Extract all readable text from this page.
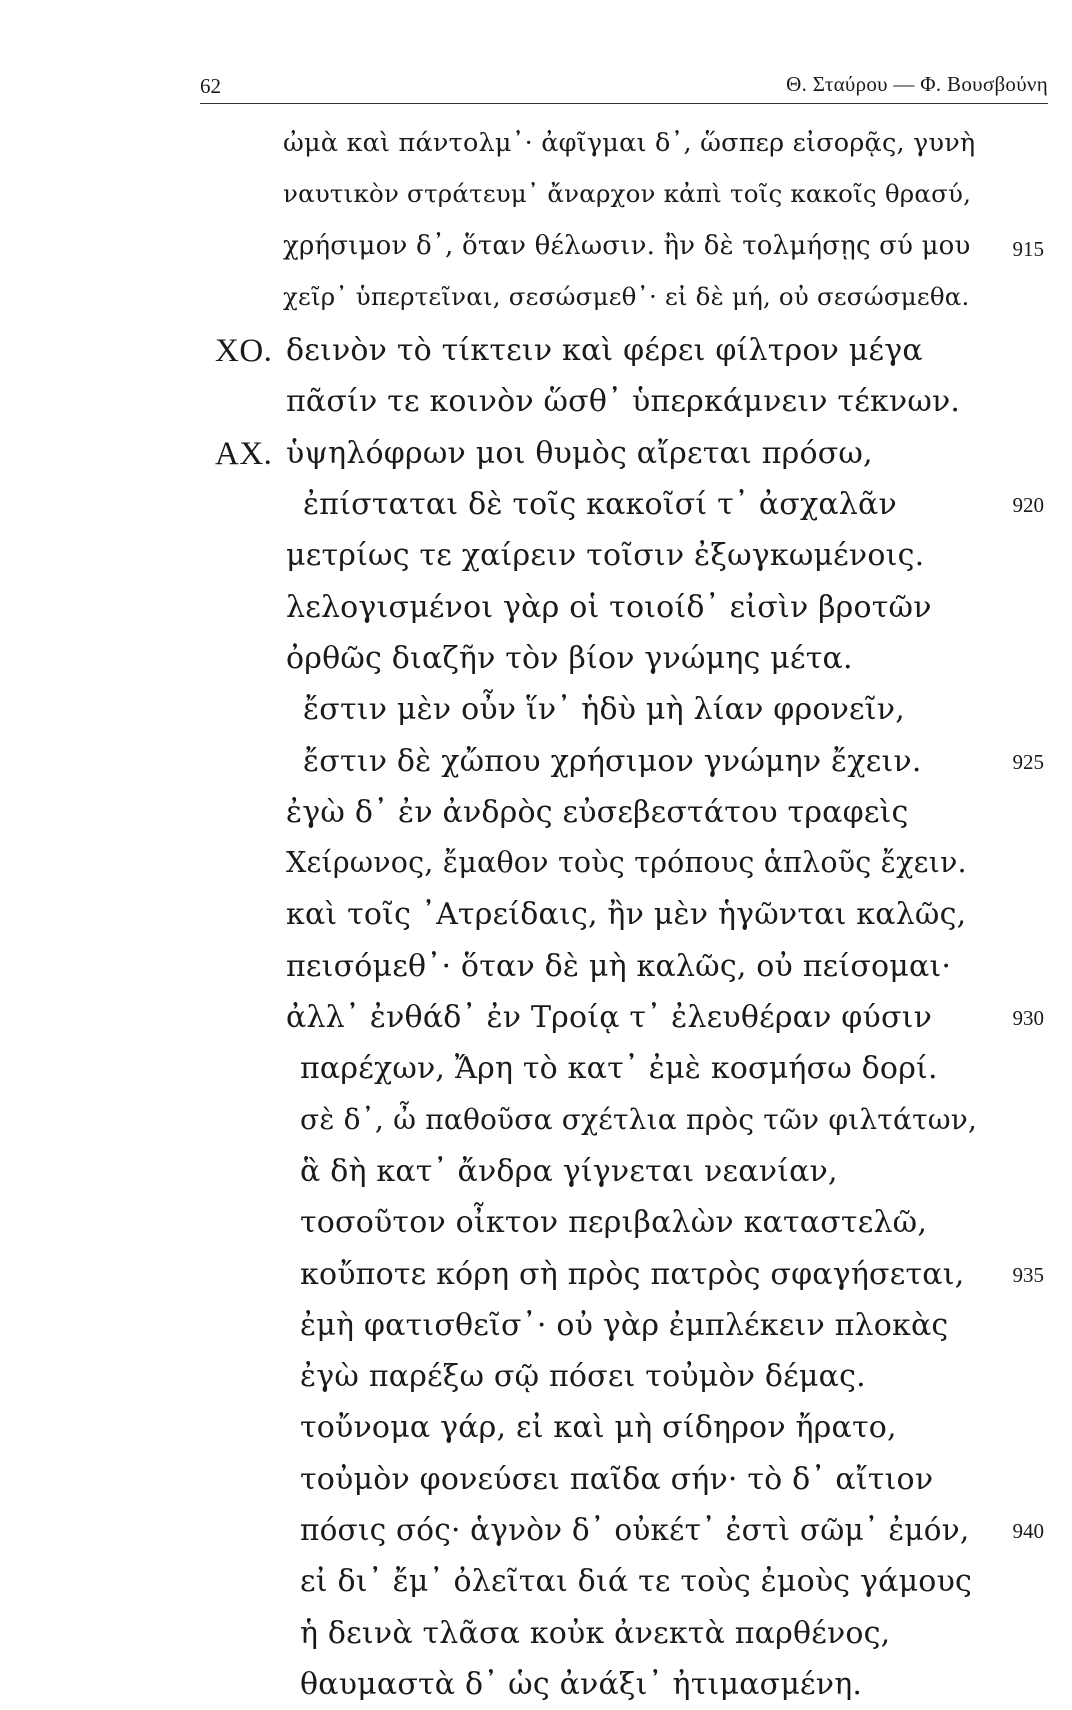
62	Θ. Σταύρου — Φ. Βουσβούνη
ὠμὰ καὶ πάντολμ᾽· ἀφῖγμαι δ᾽, ὥσπερ εἰσορᾷς, γυνὴ
ναυτικὸν στράτευμ᾽ ἄναρχον κἀπὶ τοῖς κακοῖς θρασύ,
χρήσιμον δ᾽, ὅταν θέλωσιν. ἢν δὲ τολμήσῃς σύ μου 915
χεῖρ᾽ ὑπερτεῖναι, σεσώσμεθ᾽· εἰ δὲ μή, οὐ σεσώσμεθα.
ΧΟ. δεινὸν τὸ τίκτειν καὶ φέρει φίλτρον μέγα
πᾶσίν τε κοινὸν ὥσθ᾽ ὑπερκάμνειν τέκνων.
ΑΧ. ὑψηλόφρων μοι θυμὸς αἴρεται πρόσω,
ἐπίσταται δὲ τοῖς κακοῖσί τ᾽ ἀσχαλᾶν	920
μετρίως τε χαίρειν τοῖσιν ἐξωγκωμένοις.
λελογισμένοι γὰρ οἱ τοιοίδ᾽ εἰσὶν βροτῶν
ὀρθῶς διαζῆν τὸν βίον γνώμης μέτα.
ἔστιν μὲν οὖν ἵν᾽ ἡδὺ μὴ λίαν φρονεῖν,
ἔστιν δὲ χὤπου χρήσιμον γνώμην ἔχειν.	925
ἐγὼ δ᾽ ἐν ἀνδρὸς εὐσεβεστάτου τραφεὶς
Χείρωνος, ἔμαθον τοὺς τρόπους ἁπλοῦς ἔχειν.
καὶ τοῖς ᾿Ατρείδαις, ἢν μὲν ἡγῶνται καλῶς,
πεισόμεθ᾽· ὅταν δὲ μὴ καλῶς, οὐ πείσομαι·
ἀλλ᾽ ἐνθάδ᾽ ἐν Τροίᾳ τ᾽ ἐλευθέραν φύσιν	930
παρέχων, Ἄρη τὸ κατ᾽ ἐμὲ κοσμήσω δορί.
σὲ δ᾽, ὦ παθοῦσα σχέτλια πρὸς τῶν φιλτάτων,
ἃ δὴ κατ᾽ ἄνδρα γίγνεται νεανίαν,
τοσοῦτον οἶκτον περιβαλὼν καταστελῶ,
κοὔποτε κόρη σὴ πρὸς πατρὸς σφαγήσεται, 935
ἐμὴ φατισθεῖσ᾽· οὐ γὰρ ἐμπλέκειν πλοκὰς
ἐγὼ παρέξω σῷ πόσει τοὐμὸν δέμας.
τοὔνομα γάρ, εἰ καὶ μὴ σίδηρον ἤρατο,
τοὐμὸν φονεύσει παῖδα σήν· τὸ δ᾽ αἴτιον
πόσις σός· ἁγνὸν δ᾽ οὐκέτ᾽ ἐστὶ σῶμ᾽ ἐμόν, 940
εἰ δι᾽ ἔμ᾽ ὀλεῖται διά τε τοὺς ἐμοὺς γάμους
ἡ δεινὰ τλᾶσα κοὐκ ἀνεκτὰ παρθένος,
θαυμαστὰ δ᾽ ὡς ἀνάξι᾽ ἠτιμασμένη.
